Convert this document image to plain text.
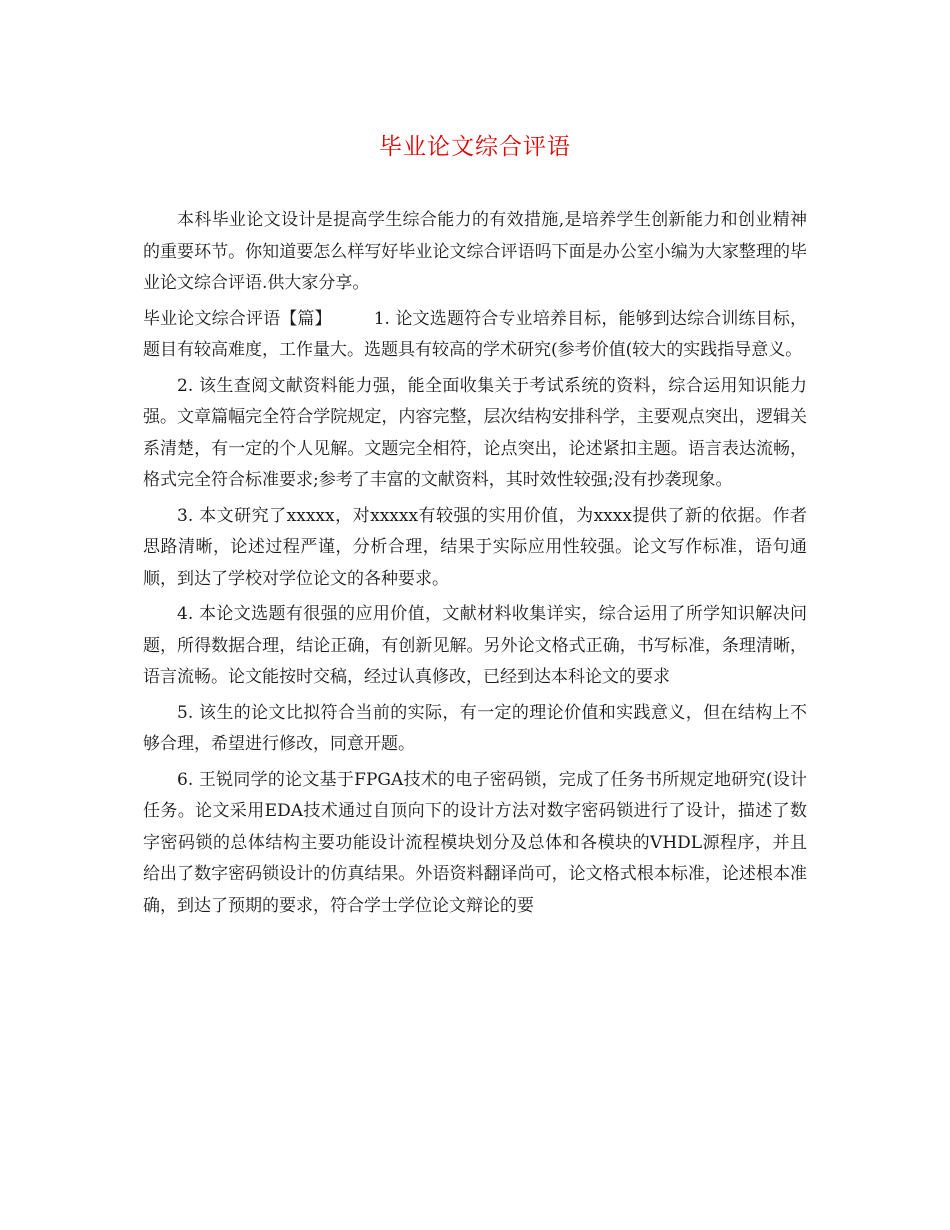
毕业论文综合评语

本科毕业论文设计是提高学生综合能力的有效措施,是培养学生创新能力和创业精神的重要环节。你知道要怎么样写好毕业论文综合评语吗下面是办公室小编为大家整理的毕业论文综合评语.供大家分享。

毕业论文综合评语【篇】 1. 论文选题符合专业培养目标，能够到达综合训练目标，题目有较高难度，工作量大。选题具有较高的学术研究(参考价值(较大的实践指导意义。

2. 该生查阅文献资料能力强，能全面收集关于考试系统的资料，综合运用知识能力强。文章篇幅完全符合学院规定，内容完整，层次结构安排科学，主要观点突出，逻辑关系清楚，有一定的个人见解。文题完全相符，论点突出，论述紧扣主题。语言表达流畅，格式完全符合标准要求;参考了丰富的文献资料，其时效性较强;没有抄袭现象。

3. 本文研究了xxxxx，对xxxxx有较强的实用价值，为xxxx提供了新的依据。作者思路清晰，论述过程严谨，分析合理，结果于实际应用性较强。论文写作标准，语句通顺，到达了学校对学位论文的各种要求。

4. 本论文选题有很强的应用价值，文献材料收集详实，综合运用了所学知识解决问题，所得数据合理，结论正确，有创新见解。另外论文格式正确，书写标准，条理清晰，语言流畅。论文能按时交稿，经过认真修改，已经到达本科论文的要求

5. 该生的论文比拟符合当前的实际，有一定的理论价值和实践意义，但在结构上不够合理，希望进行修改，同意开题。

6. 王锐同学的论文基于FPGA技术的电子密码锁，完成了任务书所规定地研究(设计任务。论文采用EDA技术通过自顶向下的设计方法对数字密码锁进行了设计，描述了数字密码锁的总体结构主要功能设计流程模块划分及总体和各模块的VHDL源程序，并且给出了数字密码锁设计的仿真结果。外语资料翻译尚可，论文格式根本标准，论述根本准确，到达了预期的要求，符合学士学位论文辩论的要
